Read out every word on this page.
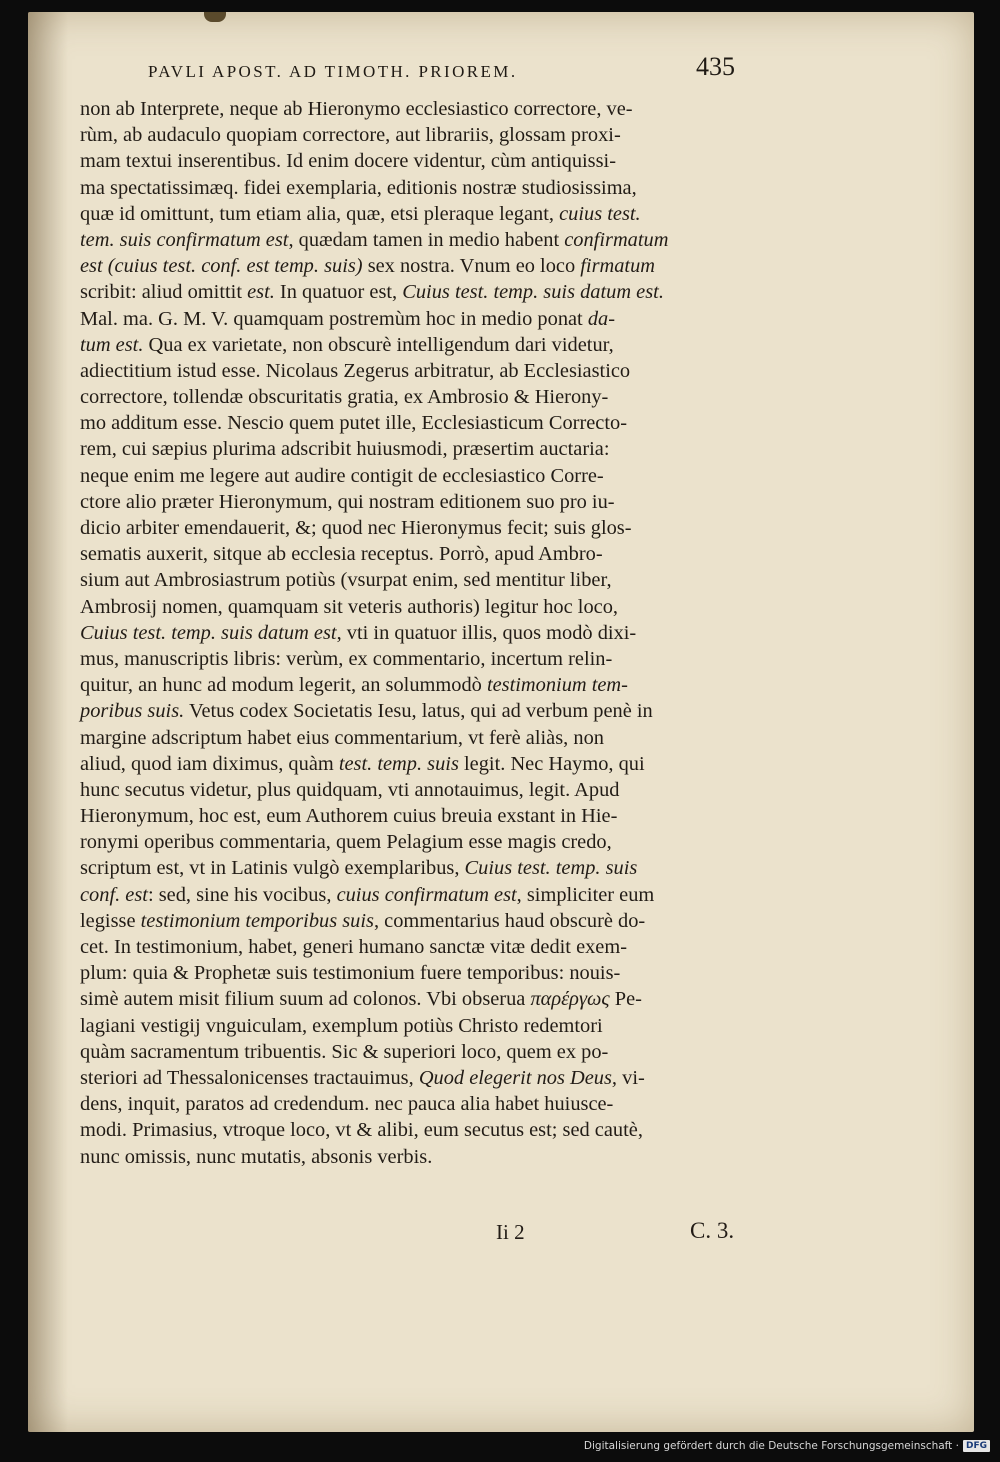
PAVLI APOST. AD TIMOTH. PRIOREM.	435
non ab Interprete, neque ab Hieronymo ecclesiastico correctore, ve-
rùm, ab audaculo quopiam correctore, aut librariis, glossam proxi-
mam textui inserentibus. Id enim docere videntur, cùm antiquissi-
ma spectatissimæq. fidei exemplaria, editionis nostræ studiosissima,
quæ id omittunt, tum etiam alia, quæ, etsi pleraque legant, cuius test.
tem. suis confirmatum est, quædam tamen in medio habent confirmatum
est (cuius test. conf. est temp. suis) sex nostra. Vnum eo loco firmatum
scribit: aliud omittit est. In quatuor est, Cuius test. temp. suis datum est.
Mal. ma. G. M. V. quamquam postremùm hoc in medio ponat da-
tum est. Qua ex varietate, non obscurè intelligendum dari videtur,
adiectitium istud esse. Nicolaus Zegerus arbitratur, ab Ecclesiastico
correctore, tollendæ obscuritatis gratia, ex Ambrosio & Hierony-
mo additum esse. Nescio quem putet ille, Ecclesiasticum Correcto-
rem, cui sæpius plurima adscribit huiusmodi, præsertim auctaria:
neque enim me legere aut audire contigit de ecclesiastico Corre-
ctore alio præter Hieronymum, qui nostram editionem suo pro iu-
dicio arbiter emendauerit, &; quod nec Hieronymus fecit; suis glos-
sematis auxerit, sitque ab ecclesia receptus. Porrò, apud Ambro-
sium aut Ambrosiastrum potiùs (vsurpat enim, sed mentitur liber,
Ambrosij nomen, quamquam sit veteris authoris) legitur hoc loco,
Cuius test. temp. suis datum est, vti in quatuor illis, quos modò dixi-
mus, manuscriptis libris: verùm, ex commentario, incertum relin-
quitur, an hunc ad modum legerit, an solummodò testimonium tem-
poribus suis. Vetus codex Societatis Iesu, latus, qui ad verbum penè in
margine adscriptum habet eius commentarium, vt ferè aliàs, non
aliud, quod iam diximus, quàm test. temp. suis legit. Nec Haymo, qui
hunc secutus videtur, plus quidquam, vti annotauimus, legit. Apud
Hieronymum, hoc est, eum Authorem cuius breuia exstant in Hie-
ronymi operibus commentaria, quem Pelagium esse magis credo,
scriptum est, vt in Latinis vulgò exemplaribus, Cuius test. temp. suis
conf. est: sed, sine his vocibus, cuius confirmatum est, simpliciter eum
legisse testimonium temporibus suis, commentarius haud obscurè do-
cet. In testimonium, habet, generi humano sanctæ vitæ dedit exem-
plum: quia & Prophetæ suis testimonium fuere temporibus: nouis-
simè autem misit filium suum ad colonos. Vbi obserua παρέργως Pe-
lagiani vestigij vnguiculam, exemplum potiùs Christo redemtori
quàm sacramentum tribuentis. Sic & superiori loco, quem ex po-
steriori ad Thessalonicenses tractauimus, Quod elegerit nos Deus, vi-
dens, inquit, paratos ad credendum. nec pauca alia habet huiusce-
modi. Primasius, vtroque loco, vt & alibi, eum secutus est; sed cautè,
nunc omissis, nunc mutatis, absonis verbis.
Ii 2	C. 3.
Digitalisierung gefördert durch die Deutsche Forschungsgemeinschaft · DFG
